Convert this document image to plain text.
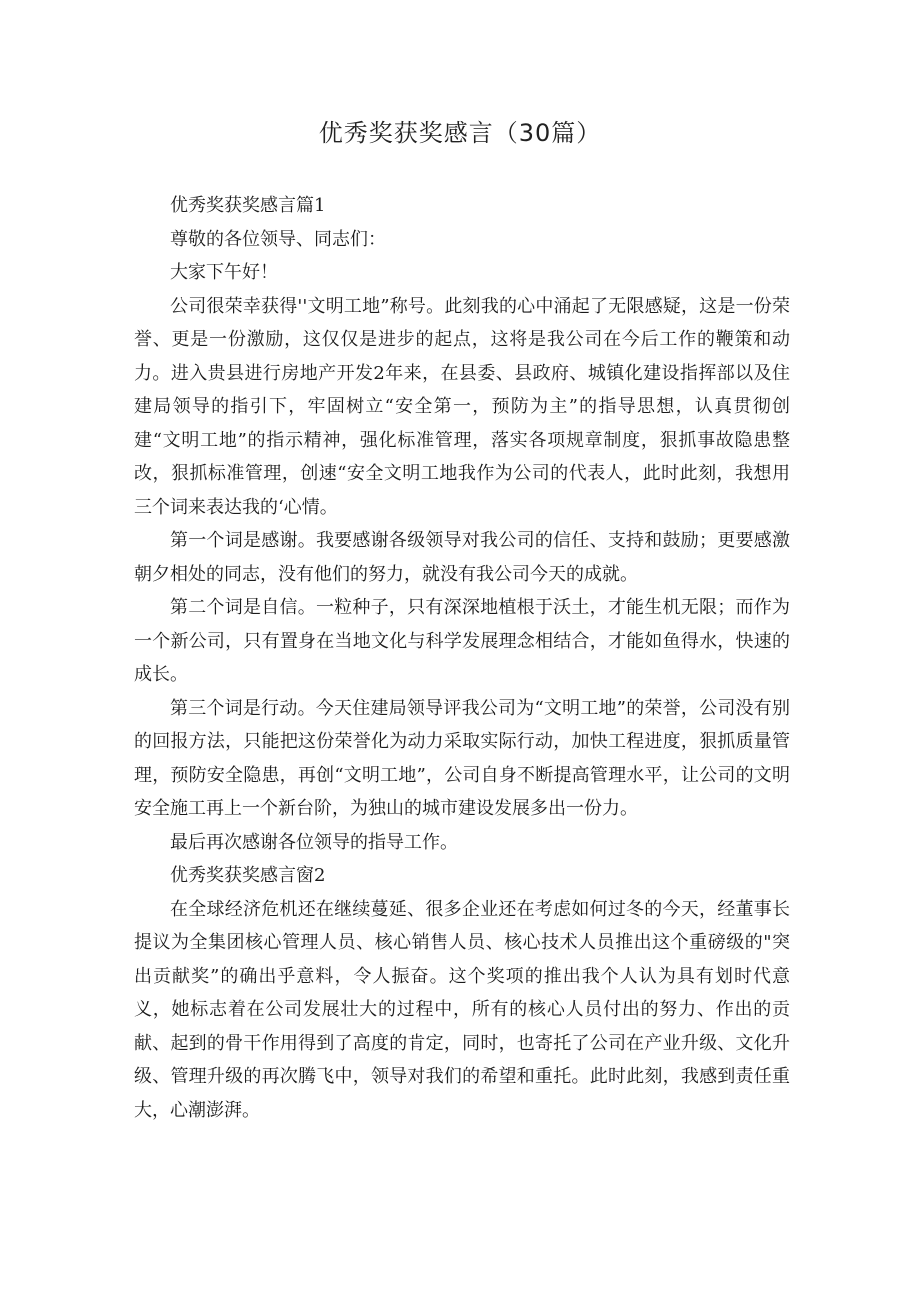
优秀奖获奖感言（30篇）

优秀奖获奖感言篇1

尊敬的各位领导、同志们：

大家下午好！

公司很荣幸获得''文明工地”称号。此刻我的心中涌起了无限感疑，这是一份荣誉、更是一份激励，这仅仅是进步的起点，这将是我公司在今后工作的鞭策和动力。进入贵县进行房地产开发2年来，在县委、县政府、城镇化建设指挥部以及住建局领导的指引下，牢固树立“安全第一，预防为主”的指导思想，认真贯彻创建“文明工地”的指示精神，强化标准管理，落实各项规章制度，狠抓事故隐患整改，狠抓标准管理，创速“安全文明工地我作为公司的代表人，此时此刻，我想用三个词来表达我的‘心情。

第一个词是感谢。我要感谢各级领导对我公司的信任、支持和鼓励；更要感激朝夕相处的同志，没有他们的努力，就没有我公司今天的成就。

第二个词是自信。一粒种子，只有深深地植根于沃土，才能生机无限；而作为一个新公司，只有置身在当地文化与科学发展理念相结合，才能如鱼得水，快速的成长。

第三个词是行动。今天住建局领导评我公司为“文明工地”的荣誉，公司没有别的回报方法，只能把这份荣誉化为动力采取实际行动，加快工程进度，狠抓质量管理，预防安全隐患，再创“文明工地”，公司自身不断提高管理水平，让公司的文明安全施工再上一个新台阶，为独山的城市建设发展多出一份力。

最后再次感谢各位领导的指导工作。

优秀奖获奖感言窗2

在全球经济危机还在继续蔓延、很多企业还在考虑如何过冬的今天，经董事长提议为全集团核心管理人员、核心销售人员、核心技术人员推出这个重磅级的"突出贡献奖”的确出乎意料，令人振奋。这个奖项的推出我个人认为具有划时代意义，她标志着在公司发展壮大的过程中，所有的核心人员付出的努力、作出的贡献、起到的骨干作用得到了高度的肯定，同时，也寄托了公司在产业升级、文化升级、管理升级的再次腾飞中，领导对我们的希望和重托。此时此刻，我感到责任重大，心潮澎湃。
